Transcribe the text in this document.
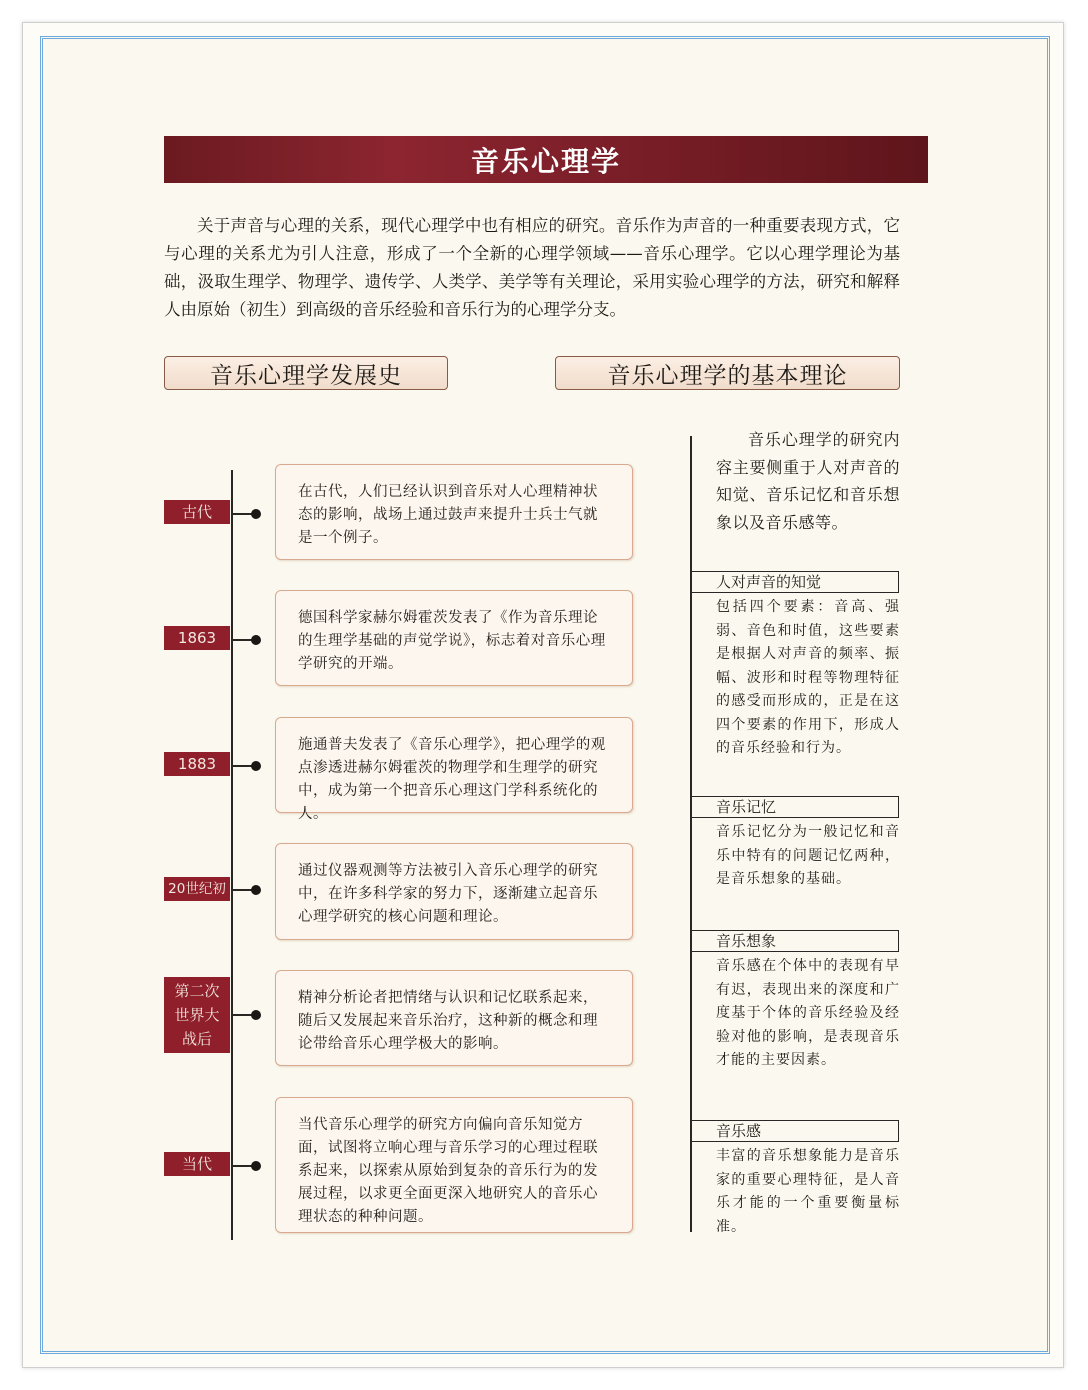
音乐心理学
关于声音与心理的关系，现代心理学中也有相应的研究。音乐作为声音的一种重要表现方式，它与心理的关系尤为引人注意，形成了一个全新的心理学领域——音乐心理学。它以心理学理论为基础，汲取生理学、物理学、遗传学、人类学、美学等有关理论，采用实验心理学的方法，研究和解释人由原始（初生）到高级的音乐经验和音乐行为的心理学分支。
音乐心理学发展史	音乐心理学的基本理论
古代
在古代，人们已经认识到音乐对人心理精神状态的影响，战场上通过鼓声来提升士兵士气就是一个例子。
1863
德国科学家赫尔姆霍茨发表了《作为音乐理论的生理学基础的声觉学说》，标志着对音乐心理学研究的开端。
1883
施通普夫发表了《音乐心理学》，把心理学的观点渗透进赫尔姆霍茨的物理学和生理学的研究中，成为第一个把音乐心理这门学科系统化的人。
20世纪初
通过仪器观测等方法被引入音乐心理学的研究中，在许多科学家的努力下，逐渐建立起音乐心理学研究的核心问题和理论。
第二次世界大战后
精神分析论者把情绪与认识和记忆联系起来，随后又发展起来音乐治疗，这种新的概念和理论带给音乐心理学极大的影响。
当代
当代音乐心理学的研究方向偏向音乐知觉方面，试图将立响心理与音乐学习的心理过程联系起来，以探索从原始到复杂的音乐行为的发展过程，以求更全面更深入地研究人的音乐心理状态的种种问题。
音乐心理学的研究内容主要侧重于人对声音的知觉、音乐记忆和音乐想象以及音乐感等。
人对声音的知觉
包括四个要素：音高、强弱、音色和时值，这些要素是根据人对声音的频率、振幅、波形和时程等物理特征的感受而形成的，正是在这四个要素的作用下，形成人的音乐经验和行为。
音乐记忆
音乐记忆分为一般记忆和音乐中特有的问题记忆两种，是音乐想象的基础。
音乐想象
音乐感在个体中的表现有早有迟，表现出来的深度和广度基于个体的音乐经验及经验对他的影响，是表现音乐才能的主要因素。
音乐感
丰富的音乐想象能力是音乐家的重要心理特征，是人音乐才能的一个重要衡量标准。
